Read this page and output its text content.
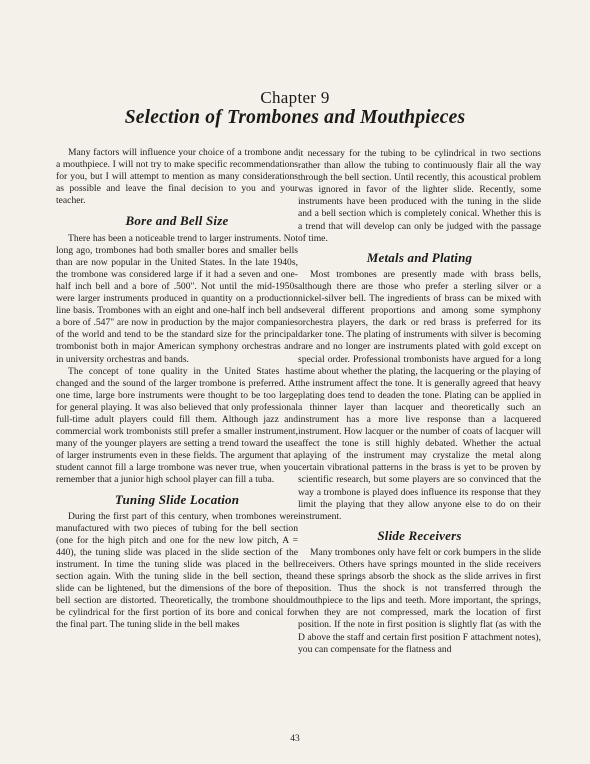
Chapter 9
Selection of Trombones and Mouthpieces

Many factors will influence your choice of a trombone and a mouthpiece. I will not try to make specific recommendations for you, but I will attempt to mention as many considerations as possible and leave the final decision to you and your teacher.

Bore and Bell Size

There has been a noticeable trend to larger instruments. Not long ago, trombones had both smaller bores and smaller bells than are now popular in the United States. In the late 1940s, the trombone was considered large if it had a seven and one-half inch bell and a bore of .500". Not until the mid-1950s were larger instruments produced in quantity on a production line basis. Trombones with an eight and one-half inch bell and a bore of .547" are now in production by the major companies of the world and tend to be the standard size for the principal trombonist both in major American symphony orchestras and in university orchestras and bands.

The concept of tone quality in the United States has changed and the sound of the larger trombone is preferred. At one time, large bore instruments were thought to be too large for general playing. It was also believed that only professional full-time adult players could fill them. Although jazz and commercial work trombonists still prefer a smaller instrument, many of the younger players are setting a trend toward the use of larger instruments even in these fields. The argument that a student cannot fill a large trombone was never true, when you remember that a junior high school player can fill a tuba.

Tuning Slide Location

During the first part of this century, when trombones were manufactured with two pieces of tubing for the bell section (one for the high pitch and one for the new low pitch, A = 440), the tuning slide was placed in the slide section of the instrument. In time the tuning slide was placed in the bell section again. With the tuning slide in the bell section, the slide can be lightened, but the dimensions of the bore of the bell section are distorted. Theoretically, the trombone should be cylindrical for the first portion of its bore and conical for the final part. The tuning slide in the bell makes

it necessary for the tubing to be cylindrical in two sections rather than allow the tubing to continuously flair all the way through the bell section. Until recently, this acoustical problem was ignored in favor of the lighter slide. Recently, some instruments have been produced with the tuning in the slide and a bell section which is completely conical. Whether this is a trend that will develop can only be judged with the passage of time.

Metals and Plating

Most trombones are presently made with brass bells, although there are those who prefer a sterling silver or a nickel-silver bell. The ingredients of brass can be mixed with several different proportions and among some symphony orchestra players, the dark or red brass is preferred for its darker tone. The plating of instruments with silver is becoming rare and no longer are instruments plated with gold except on special order. Professional trombonists have argued for a long time about whether the plating, the lacquering or the playing of the instrument affect the tone. It is generally agreed that heavy plating does tend to deaden the tone. Plating can be applied in a thinner layer than lacquer and theoretically such an instrument has a more live response than a lacquered instrument. How lacquer or the number of coats of lacquer will affect the tone is still highly debated. Whether the actual playing of the instrument may crystalize the metal along certain vibrational patterns in the brass is yet to be proven by scientific research, but some players are so convinced that the way a trombone is played does influence its response that they limit the playing that they allow anyone else to do on their instrument.

Slide Receivers

Many trombones only have felt or cork bumpers in the slide receivers. Others have springs mounted in the slide receivers and these springs absorb the shock as the slide arrives in first position. Thus the shock is not transferred through the mouthpiece to the lips and teeth. More important, the springs, when they are not compressed, mark the location of first position. If the note in first position is slightly flat (as with the D above the staff and certain first position F attachment notes), you can compensate for the flatness and

43
